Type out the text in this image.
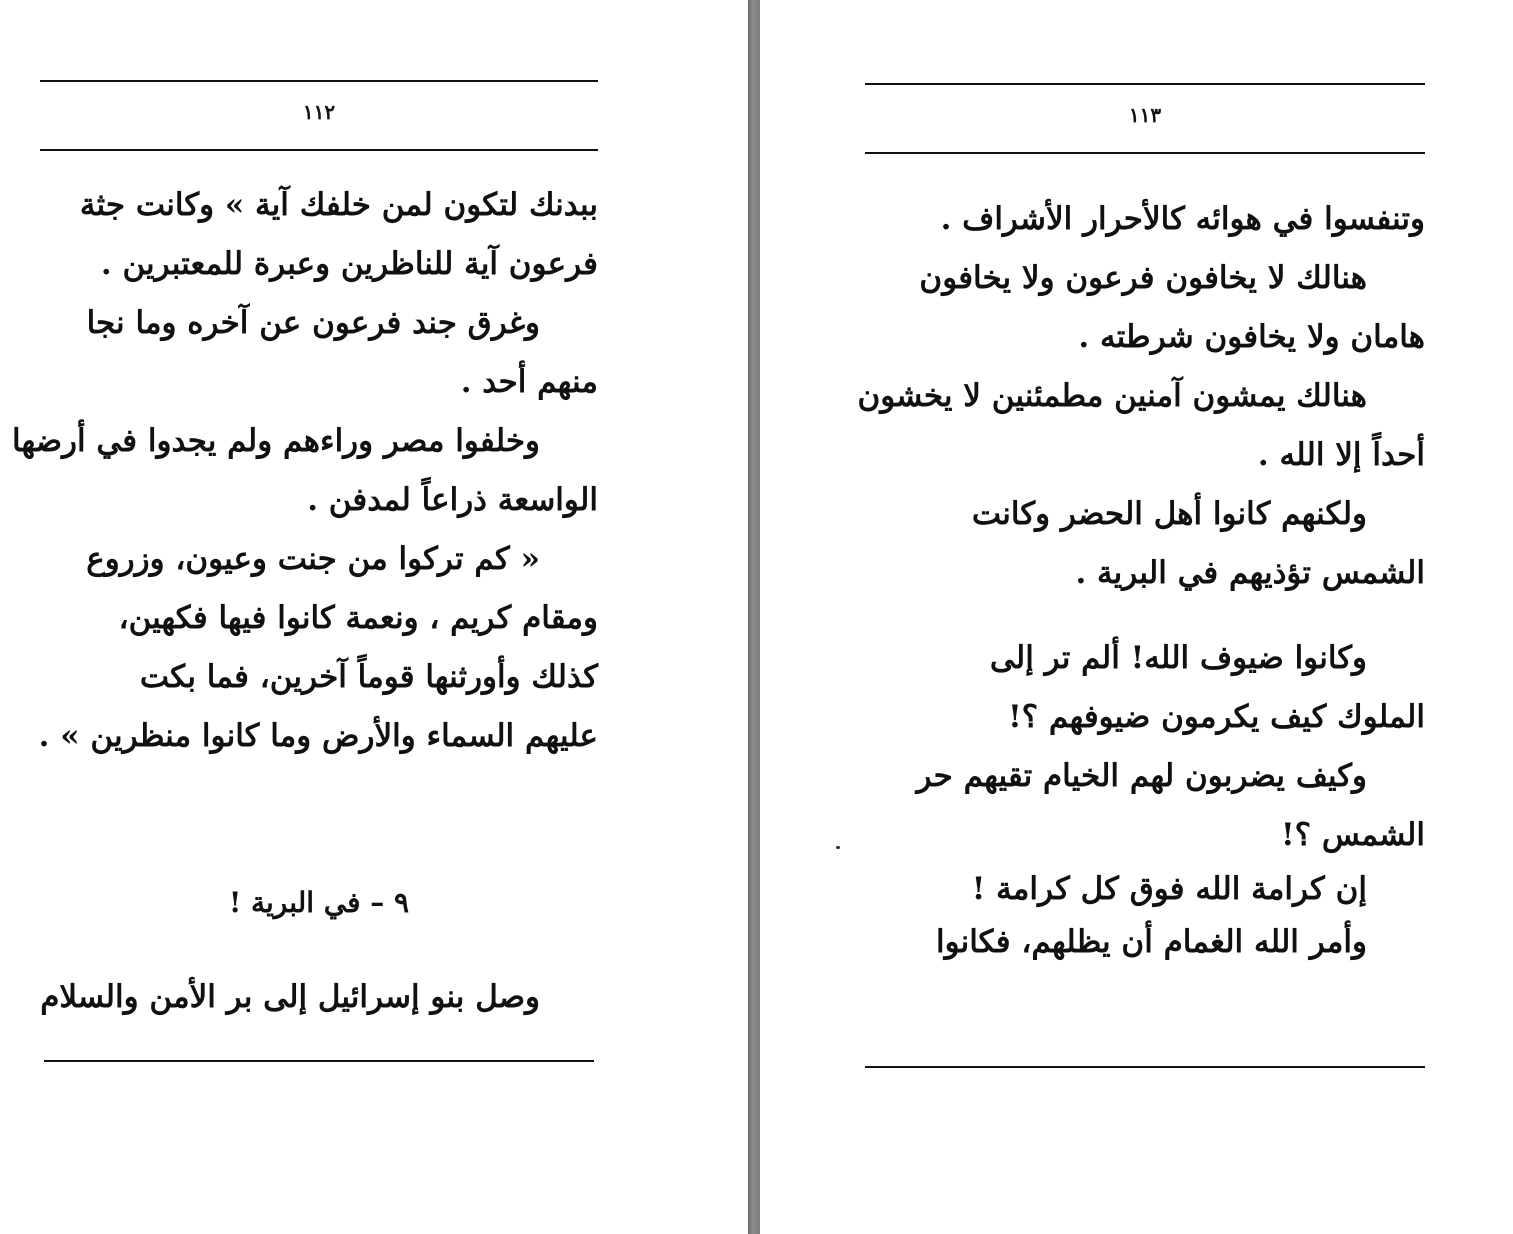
١١٢
ببدنك لتكون لمن خلفك آية » وكانت جثة
فرعون آية للناظرين وعبرة للمعتبرين .
وغرق جند فرعون عن آخره وما نجا
منهم أحد .
وخلفوا مصر وراءهم ولم يجدوا في أرضها
الواسعة ذراعاً لمدفن .
« كم تركوا من جنت وعيون، وزروع
ومقام كريم ، ونعمة كانوا فيها فكهين،
كذلك وأورثنها قوماً آخرين، فما بكت
عليهم السماء والأرض وما كانوا منظرين » .
٩ – في البرية !
وصل بنو إسرائيل إلى بر الأمن والسلام
١١٣
وتنفسوا في هوائه كالأحرار الأشراف .
هنالك لا يخافون فرعون ولا يخافون
هامان ولا يخافون شرطته .
هنالك يمشون آمنين مطمئنين لا يخشون
أحداً إلا الله .
ولكنهم كانوا أهل الحضر وكانت
الشمس تؤذيهم في البرية .
وكانوا ضيوف الله! ألم تر إلى
الملوك كيف يكرمون ضيوفهم ؟!
وكيف يضربون لهم الخيام تقيهم حر
الشمس ؟!
إن كرامة الله فوق كل كرامة !
وأمر الله الغمام أن يظلهم، فكانوا
